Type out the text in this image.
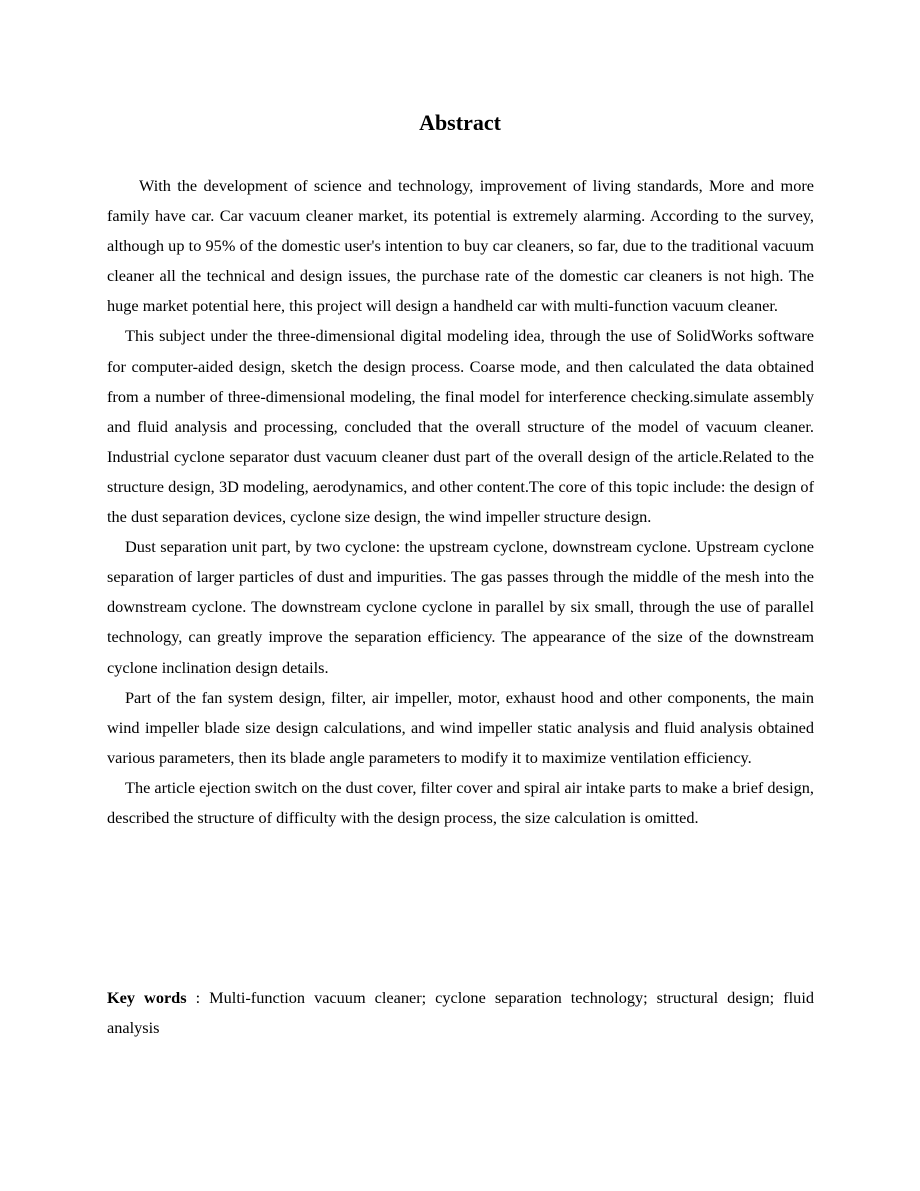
Abstract

With the development of science and technology, improvement of living standards, More and more family have car. Car vacuum cleaner market, its potential is extremely alarming. According to the survey, although up to 95% of the domestic user's intention to buy car cleaners, so far, due to the traditional vacuum cleaner all the technical and design issues, the purchase rate of the domestic car cleaners is not high. The huge market potential here, this project will design a handheld car with multi-function vacuum cleaner.

This subject under the three-dimensional digital modeling idea, through the use of SolidWorks software for computer-aided design, sketch the design process. Coarse mode, and then calculated the data obtained from a number of three-dimensional modeling, the final model for interference checking.simulate assembly and fluid analysis and processing, concluded that the overall structure of the model of vacuum cleaner. Industrial cyclone separator dust vacuum cleaner dust part of the overall design of the article.Related to the structure design, 3D modeling, aerodynamics, and other content.The core of this topic include: the design of the dust separation devices, cyclone size design, the wind impeller structure design.

Dust separation unit part, by two cyclone: the upstream cyclone, downstream cyclone. Upstream cyclone separation of larger particles of dust and impurities. The gas passes through the middle of the mesh into the downstream cyclone. The downstream cyclone cyclone in parallel by six small, through the use of parallel technology, can greatly improve the separation efficiency. The appearance of the size of the downstream cyclone inclination design details.

Part of the fan system design, filter, air impeller, motor, exhaust hood and other components, the main wind impeller blade size design calculations, and wind impeller static analysis and fluid analysis obtained various parameters, then its blade angle parameters to modify it to maximize ventilation efficiency.

The article ejection switch on the dust cover, filter cover and spiral air intake parts to make a brief design, described the structure of difficulty with the design process, the size calculation is omitted.

Key words : Multi-function vacuum cleaner; cyclone separation technology; structural design; fluid analysis
